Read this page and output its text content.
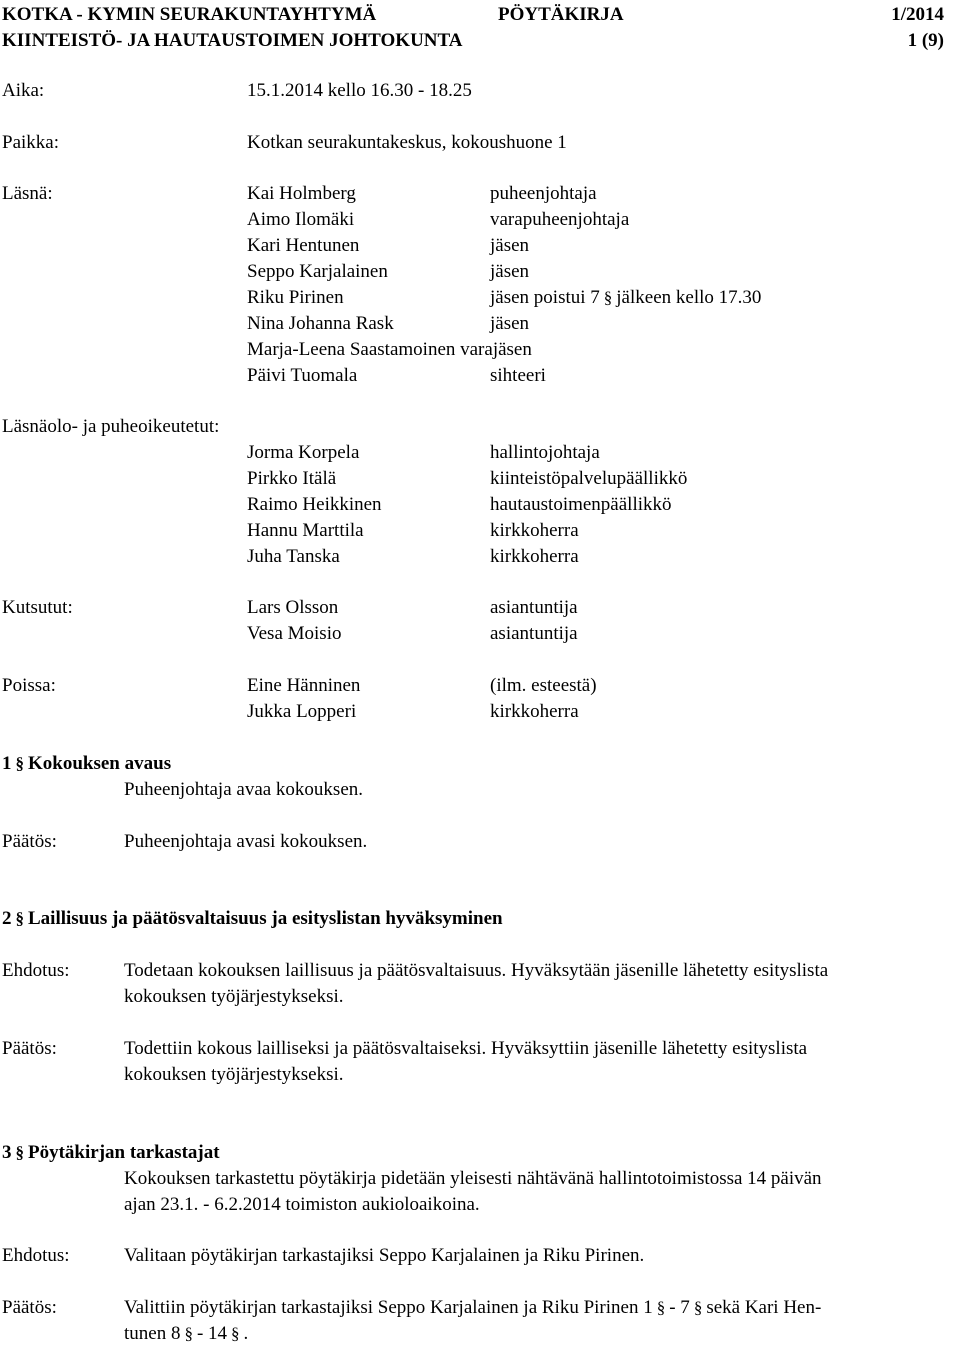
KOTKA - KYMIN SEURAKUNTAYHTYMÄ	PÖYTÄKIRJA	1/2014
KIINTEISTÖ- JA HAUTAUSTOIMEN JOHTOKUNTA	1 (9)
Aika:	15.1.2014 kello 16.30 - 18.25
Paikka:	Kotkan seurakuntakeskus, kokoushuone 1
Läsnä:	Kai Holmberg	puheenjohtaja
Aimo Ilomäki	varapuheenjohtaja
Kari Hentunen	jäsen
Seppo Karjalainen	jäsen
Riku Pirinen	jäsen poistui 7 § jälkeen kello 17.30
Nina Johanna Rask	jäsen
Marja-Leena Saastamoinen varajäsen
Päivi Tuomala	sihteeri
Läsnäolo- ja puheoikeutetut:
Jorma Korpela	hallintojohtaja
Pirkko Itälä	kiinteistöpalvelupäällikkö
Raimo Heikkinen	hautaustoimenpäällikkö
Hannu Marttila	kirkkoherra
Juha Tanska	kirkkoherra
Kutsutut:	Lars Olsson	asiantuntija
Vesa Moisio	asiantuntija
Poissa:	Eine Hänninen	(ilm. esteestä)
Jukka Lopperi	kirkkoherra
1 § Kokouksen avaus
Puheenjohtaja avaa kokouksen.
Päätös:	Puheenjohtaja avasi kokouksen.
2 § Laillisuus ja päätösvaltaisuus ja esityslistan hyväksyminen
Ehdotus:	Todetaan kokouksen laillisuus ja päätösvaltaisuus. Hyväksytään jäsenille lähetetty esityslista
kokouksen työjärjestykseksi.
Päätös:	Todettiin kokous lailliseksi ja päätösvaltaiseksi. Hyväksyttiin jäsenille lähetetty esityslista
kokouksen työjärjestykseksi.
3 § Pöytäkirjan tarkastajat
Kokouksen tarkastettu pöytäkirja pidetään yleisesti nähtävänä hallintotoimistossa 14 päivän
ajan 23.1. - 6.2.2014 toimiston aukioloaikoina.
Ehdotus:	Valitaan pöytäkirjan tarkastajiksi Seppo Karjalainen ja Riku Pirinen.
Päätös:	Valittiin pöytäkirjan tarkastajiksi Seppo Karjalainen ja Riku Pirinen 1 § - 7 § sekä Kari Hen-
tunen 8 § - 14 § .
